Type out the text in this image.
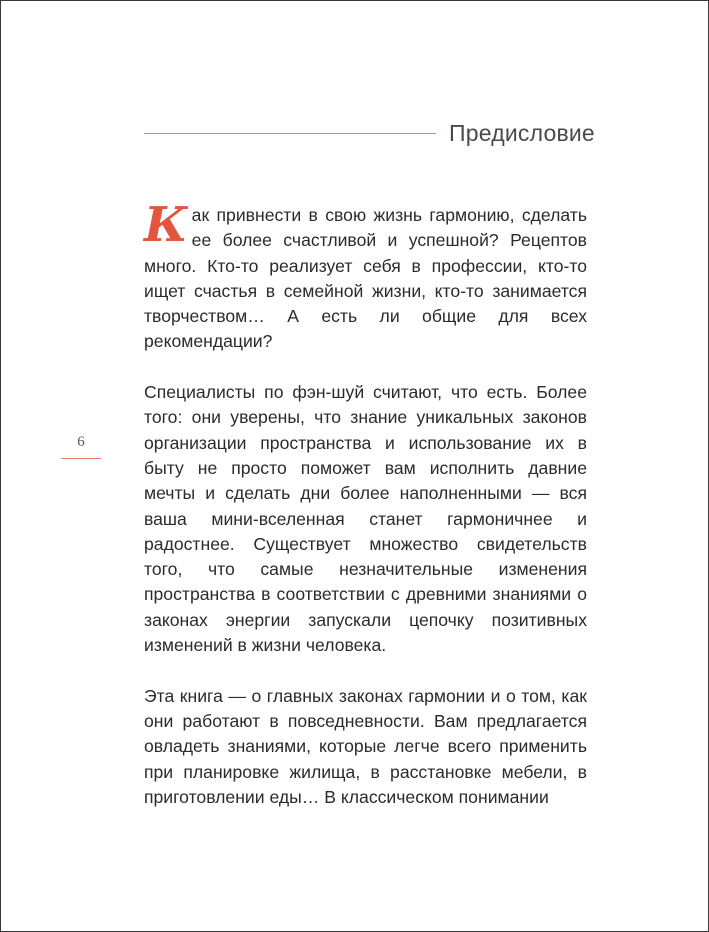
Предисловие
6

Как привнести в свою жизнь гармонию, сделать ее более счастливой и успешной? Рецептов много. Кто-то реализует себя в профессии, кто-то ищет счастья в семейной жизни, кто-то занимается творчеством… А есть ли общие для всех рекомендации?

Специалисты по фэн-шуй считают, что есть. Более того: они уверены, что знание уникальных законов организации пространства и использование их в быту не просто поможет вам исполнить давние мечты и сделать дни более наполненными — вся ваша мини-вселенная станет гармоничнее и радостнее. Существует множество свидетельств того, что самые незначительные изменения пространства в соответствии с древними знаниями о законах энергии запускали цепочку позитивных изменений в жизни человека.

Эта книга — о главных законах гармонии и о том, как они работают в повседневности. Вам предлагается овладеть знаниями, которые легче всего применить при планировке жилища, в расстановке мебели, в приготовлении еды… В классическом понимании
